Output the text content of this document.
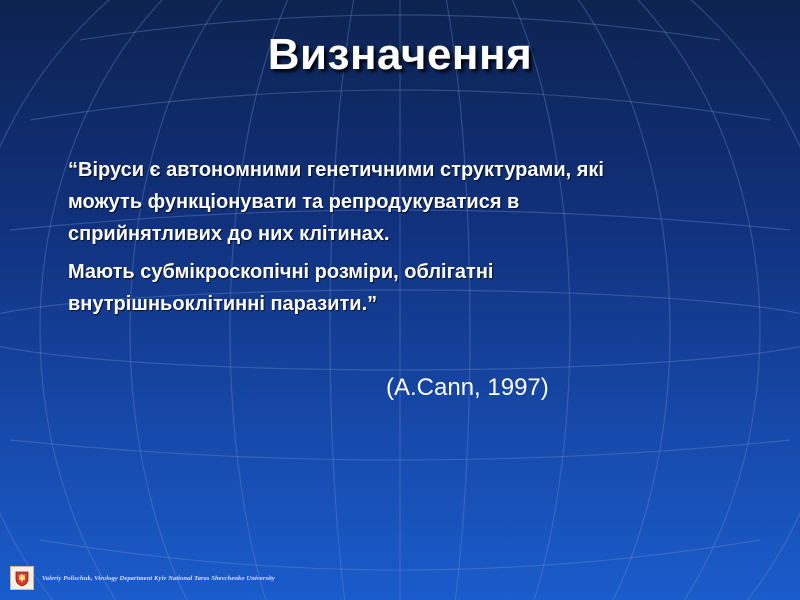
Визначення

“Віруси є автономними генетичними структурами, які
можуть функціонувати та репродукуватися в
сприйнятливих до них клітинах.

Мають субмікроскопічні розміри, облігатні
внутрішньоклітинні паразити.”

(A.Cann, 1997)
Valeriy Polischuk, Virology Department Kyiv National Taras Shevchenko University
